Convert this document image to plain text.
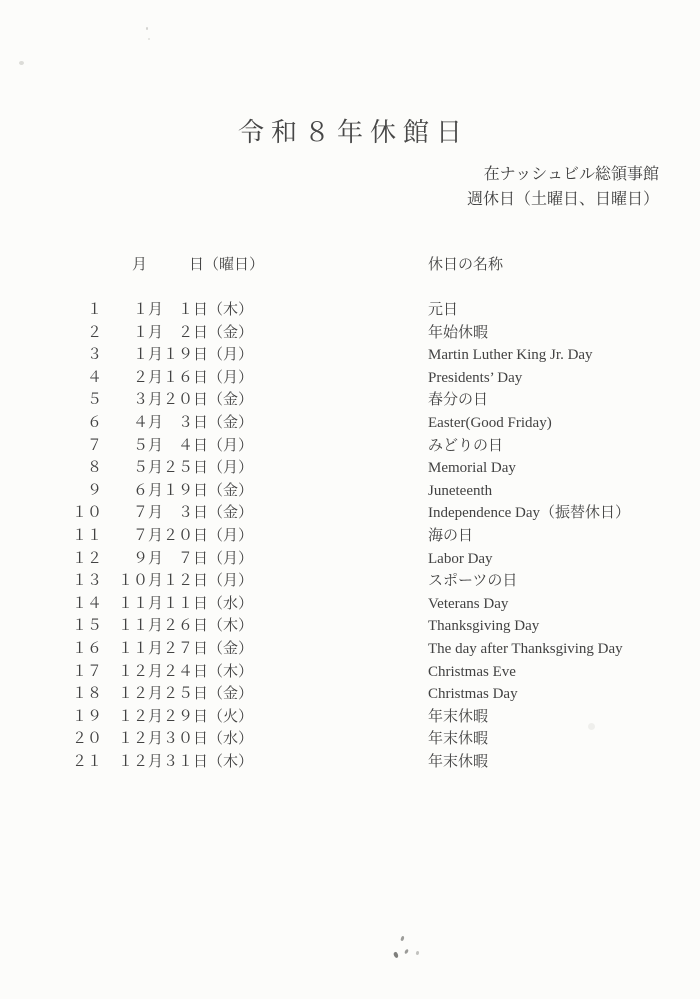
令和８年休館日
在ナッシュビル総領事館
週休日（土曜日、日曜日）
月	日（曜日）	休日の名称
１ 　１月　１日（木）	元日
２ 　１月　２日（金）	年始休暇
３ 　１月１９日（月）	Martin Luther King Jr. Day
４ 　２月１６日（月）	Presidents’ Day
５ 　３月２０日（金）	春分の日
６ 　４月　３日（金）	Easter(Good Friday)
７ 　５月　４日（月）	みどりの日
８ 　５月２５日（月）	Memorial Day
９ 　６月１９日（金）	Juneteenth
１０ 　７月　３日（金）	Independence Day（振替休日）
１１ 　７月２０日（月）	海の日
１２ 　９月　７日（月）	Labor Day
１３ １０月１２日（月）	スポーツの日
１４ １１月１１日（水）	Veterans Day
１５ １１月２６日（木）	Thanksgiving Day
１６ １１月２７日（金）	The day after Thanksgiving Day
１７ １２月２４日（木）	Christmas Eve
１８ １２月２５日（金）	Christmas Day
１９ １２月２９日（火）	年末休暇
２０ １２月３０日（水）	年末休暇
２１ １２月３１日（木）	年末休暇
